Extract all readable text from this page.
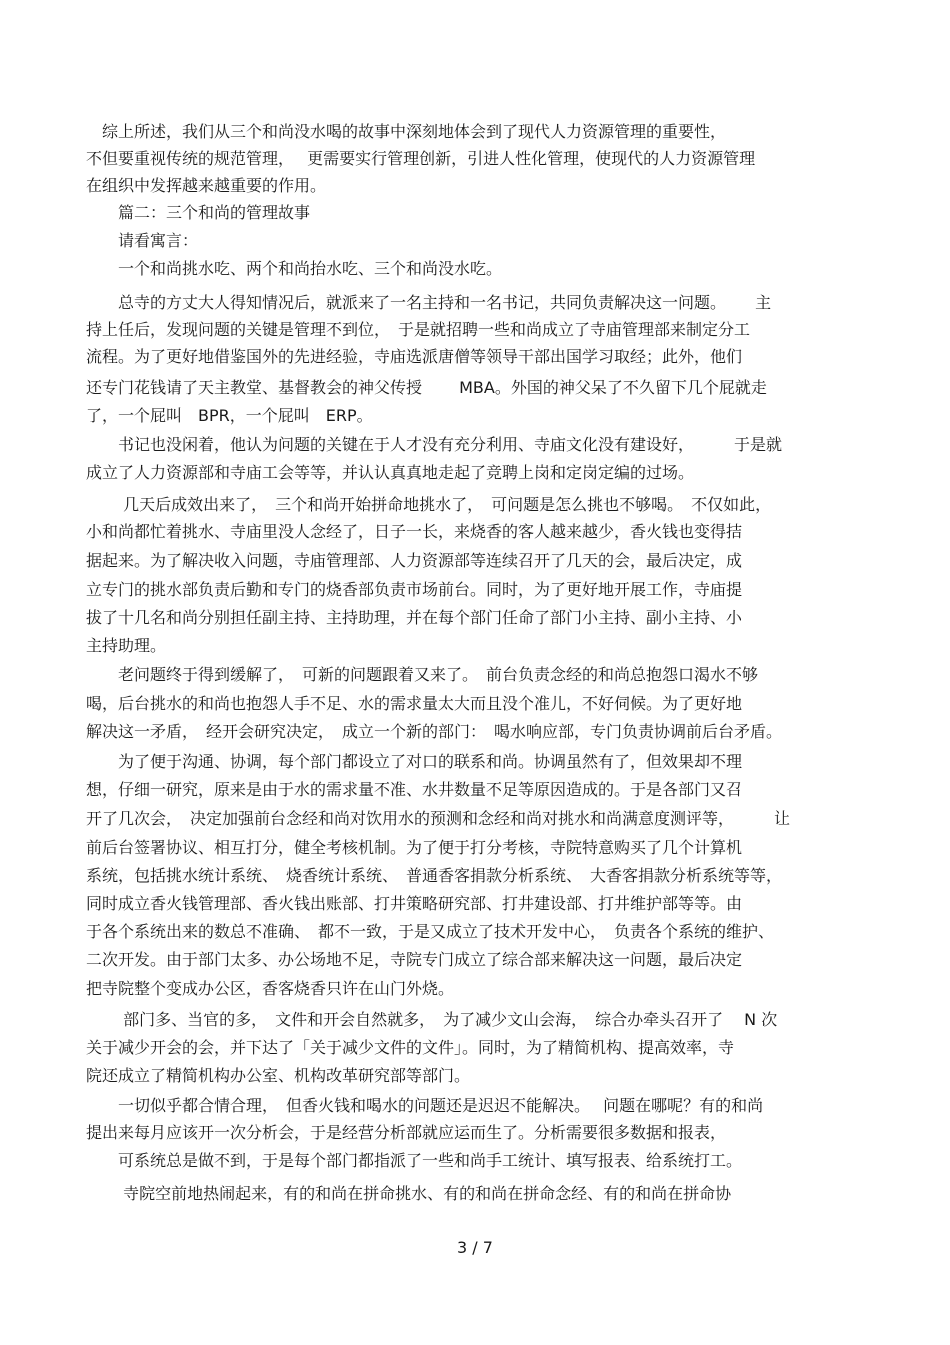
　综上所述，我们从三个和尚没水喝的故事中深刻地体会到了现代人力资源管理的重要性，
不但要重视传统的规范管理，　 更需要实行管理创新，引进人性化管理，使现代的人力资源管理
在组织中发挥越来越重要的作用。
　　篇二：三个和尚的管理故事
　　请看寓言：
　　一个和尚挑水吃、两个和尚抬水吃、三个和尚没水吃。
　　总寺的方丈大人得知情况后，就派来了一名主持和一名书记，共同负责解决这一问题。　　 主
持上任后，发现问题的关键是管理不到位，　于是就招聘一些和尚成立了寺庙管理部来制定分工
流程。为了更好地借鉴国外的先进经验，寺庙选派唐僧等领导干部出国学习取经；此外，他们
还专门花钱请了天主教堂、基督教会的神父传授　　 MBA。外国的神父呆了不久留下几个屁就走
了，一个屁叫　BPR，一个屁叫　ERP。
　　书记也没闲着，他认为问题的关键在于人才没有充分利用、寺庙文化没有建设好，　　　于是就
成立了人力资源部和寺庙工会等等，并认认真真地走起了竞聘上岗和定岗定编的过场。
　　 几天后成效出来了，　三个和尚开始拼命地挑水了，　可问题是怎么挑也不够喝。　不仅如此，
小和尚都忙着挑水、寺庙里没人念经了，日子一长，来烧香的客人越来越少，香火钱也变得拮
据起来。为了解决收入问题，寺庙管理部、人力资源部等连续召开了几天的会，最后决定，成
立专门的挑水部负责后勤和专门的烧香部负责市场前台。同时，为了更好地开展工作，寺庙提
拔了十几名和尚分别担任副主持、主持助理，并在每个部门任命了部门小主持、副小主持、小
主持助理。
　　老问题终于得到缓解了，　可新的问题跟着又来了。　前台负责念经的和尚总抱怨口渴水不够
喝，后台挑水的和尚也抱怨人手不足、水的需求量太大而且没个准儿，不好伺候。为了更好地
解决这一矛盾，　经开会研究决定，　成立一个新的部门：　喝水响应部，专门负责协调前后台矛盾。
　　为了便于沟通、协调，每个部门都设立了对口的联系和尚。协调虽然有了，但效果却不理
想，仔细一研究，原来是由于水的需求量不准、水井数量不足等原因造成的。于是各部门又召
开了几次会，　决定加强前台念经和尚对饮用水的预测和念经和尚对挑水和尚满意度测评等，　　　让
前后台签署协议、相互打分，健全考核机制。为了便于打分考核，寺院特意购买了几个计算机
系统，包括挑水统计系统、　烧香统计系统、　普通香客捐款分析系统、　大香客捐款分析系统等等，
同时成立香火钱管理部、香火钱出账部、打井策略研究部、打井建设部、打井维护部等等。由
于各个系统出来的数总不准确、　都不一致，于是又成立了技术开发中心，　负责各个系统的维护、
二次开发。由于部门太多、办公场地不足，寺院专门成立了综合部来解决这一问题，最后决定
把寺院整个变成办公区，香客烧香只许在山门外烧。
　　 部门多、当官的多，　文件和开会自然就多，　为了减少文山会海，　综合办牵头召开了　 N 次
关于减少开会的会，并下达了「关于减少文件的文件」。同时，为了精简机构、提高效率，寺
院还成立了精简机构办公室、机构改革研究部等部门。
　　一切似乎都合情合理，　但香火钱和喝水的问题还是迟迟不能解决。　 问题在哪呢？有的和尚
提出来每月应该开一次分析会，于是经营分析部就应运而生了。分析需要很多数据和报表，
　　可系统总是做不到，于是每个部门都指派了一些和尚手工统计、填写报表、给系统打工。
　　 寺院空前地热闹起来，有的和尚在拼命挑水、有的和尚在拼命念经、有的和尚在拼命协
3 / 7
